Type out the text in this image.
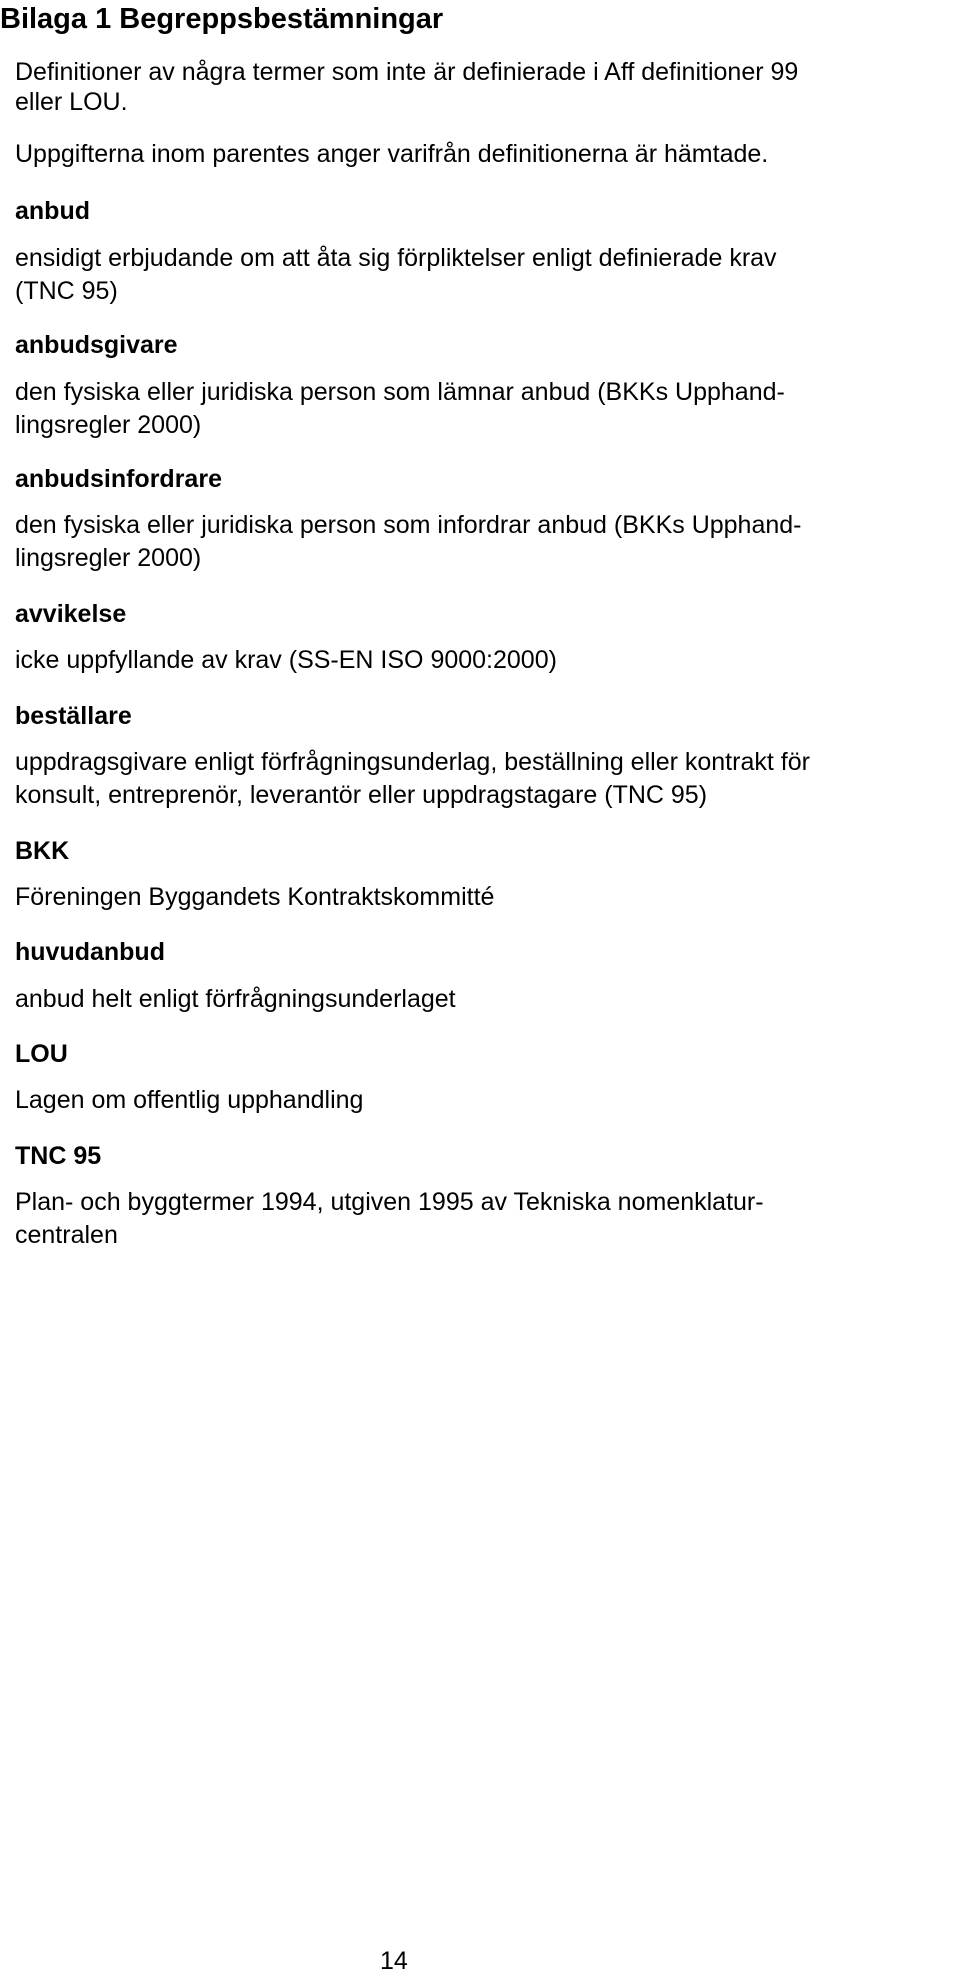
Bilaga 1 Begreppsbestämningar

Definitioner av några termer som inte är definierade i Aff definitioner 99
eller LOU.

Uppgifterna inom parentes anger varifrån definitionerna är hämtade.

anbud

ensidigt erbjudande om att åta sig förpliktelser enligt definierade krav
(TNC 95)

anbudsgivare

den fysiska eller juridiska person som lämnar anbud (BKKs Upphand-
lingsregler 2000)

anbudsinfordrare

den fysiska eller juridiska person som infordrar anbud (BKKs Upphand-
lingsregler 2000)

avvikelse

icke uppfyllande av krav (SS-EN ISO 9000:2000)

beställare

uppdragsgivare enligt förfrågningsunderlag, beställning eller kontrakt för
konsult, entreprenör, leverantör eller uppdragstagare (TNC 95)

BKK

Föreningen Byggandets Kontraktskommitté

huvudanbud

anbud helt enligt förfrågningsunderlaget

LOU

Lagen om offentlig upphandling

TNC 95

Plan- och byggtermer 1994, utgiven 1995 av Tekniska nomenklatur-
centralen

14
